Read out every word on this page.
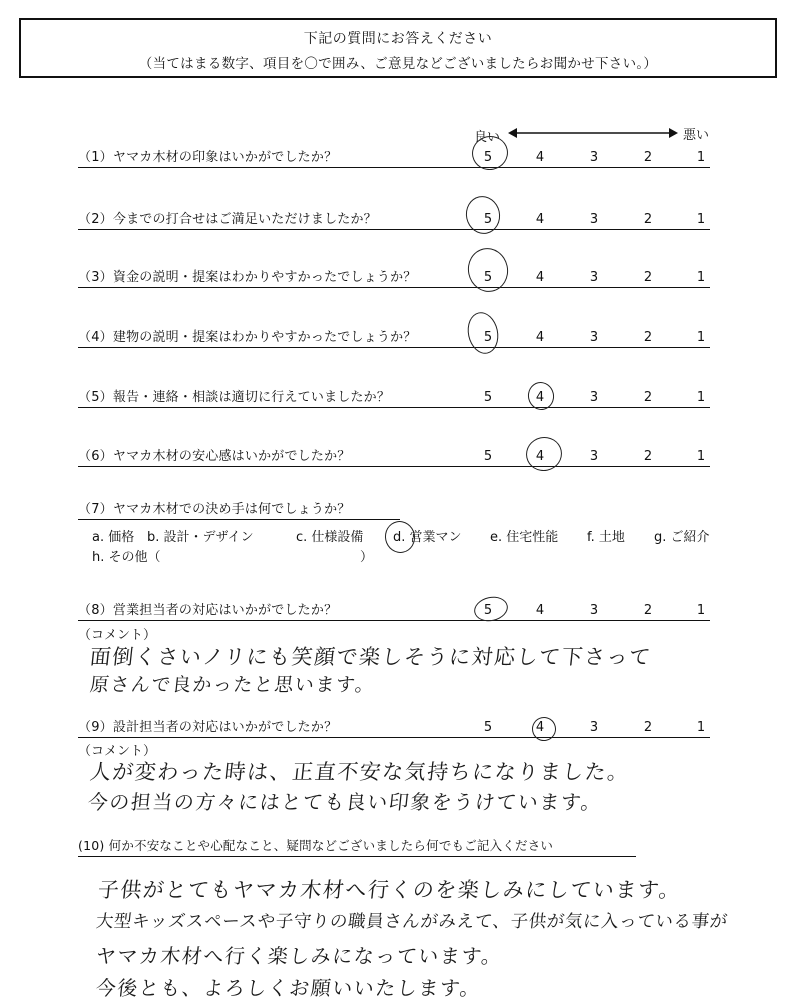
下記の質問にお答えください
（当てはまる数字、項目を〇で囲み、ご意見などございましたらお聞かせ下さい。）
良い	悪い
（1）ヤマカ木材の印象はいかがでしたか？	5	4	3	2	1
（2）今までの打合せはご満足いただけましたか？	5	4	3	2	1
（3）資金の説明・提案はわかりやすかったでしょうか？	5	4	3	2	1
（4）建物の説明・提案はわかりやすかったでしょうか？	5	4	3	2	1
（5）報告・連絡・相談は適切に行えていましたか？	5	4	3	2	1
（6）ヤマカ木材の安心感はいかがでしたか？	5	4	3	2	1
（7）ヤマカ木材での決め手は何でしょうか？
a. 価格 b. 設計・デザイン	c. 仕様設備 d. 営業マン e. 住宅性能 f. 土地 g. ご紹介
h. その他（	）
（8）営業担当者の対応はいかがでしたか？	5	4	3	2	1
（コメント）
面倒くさいノリにも笑顔で楽しそうに対応して下さって
原さんで良かったと思います。
（9）設計担当者の対応はいかがでしたか？	5	4	3	2	1
（コメント）
人が変わった時は、正直不安な気持ちになりました。
今の担当の方々にはとても良い印象をうけています。
(10) 何か不安なことや心配なこと、疑問などございましたら何でもご記入ください
子供がとてもヤマカ木材へ行くのを楽しみにしています。
大型キッズスペースや子守りの職員さんがみえて、子供が気に入っている事が
ヤマカ木材へ行く楽しみになっています。
今後とも、よろしくお願いいたします。
